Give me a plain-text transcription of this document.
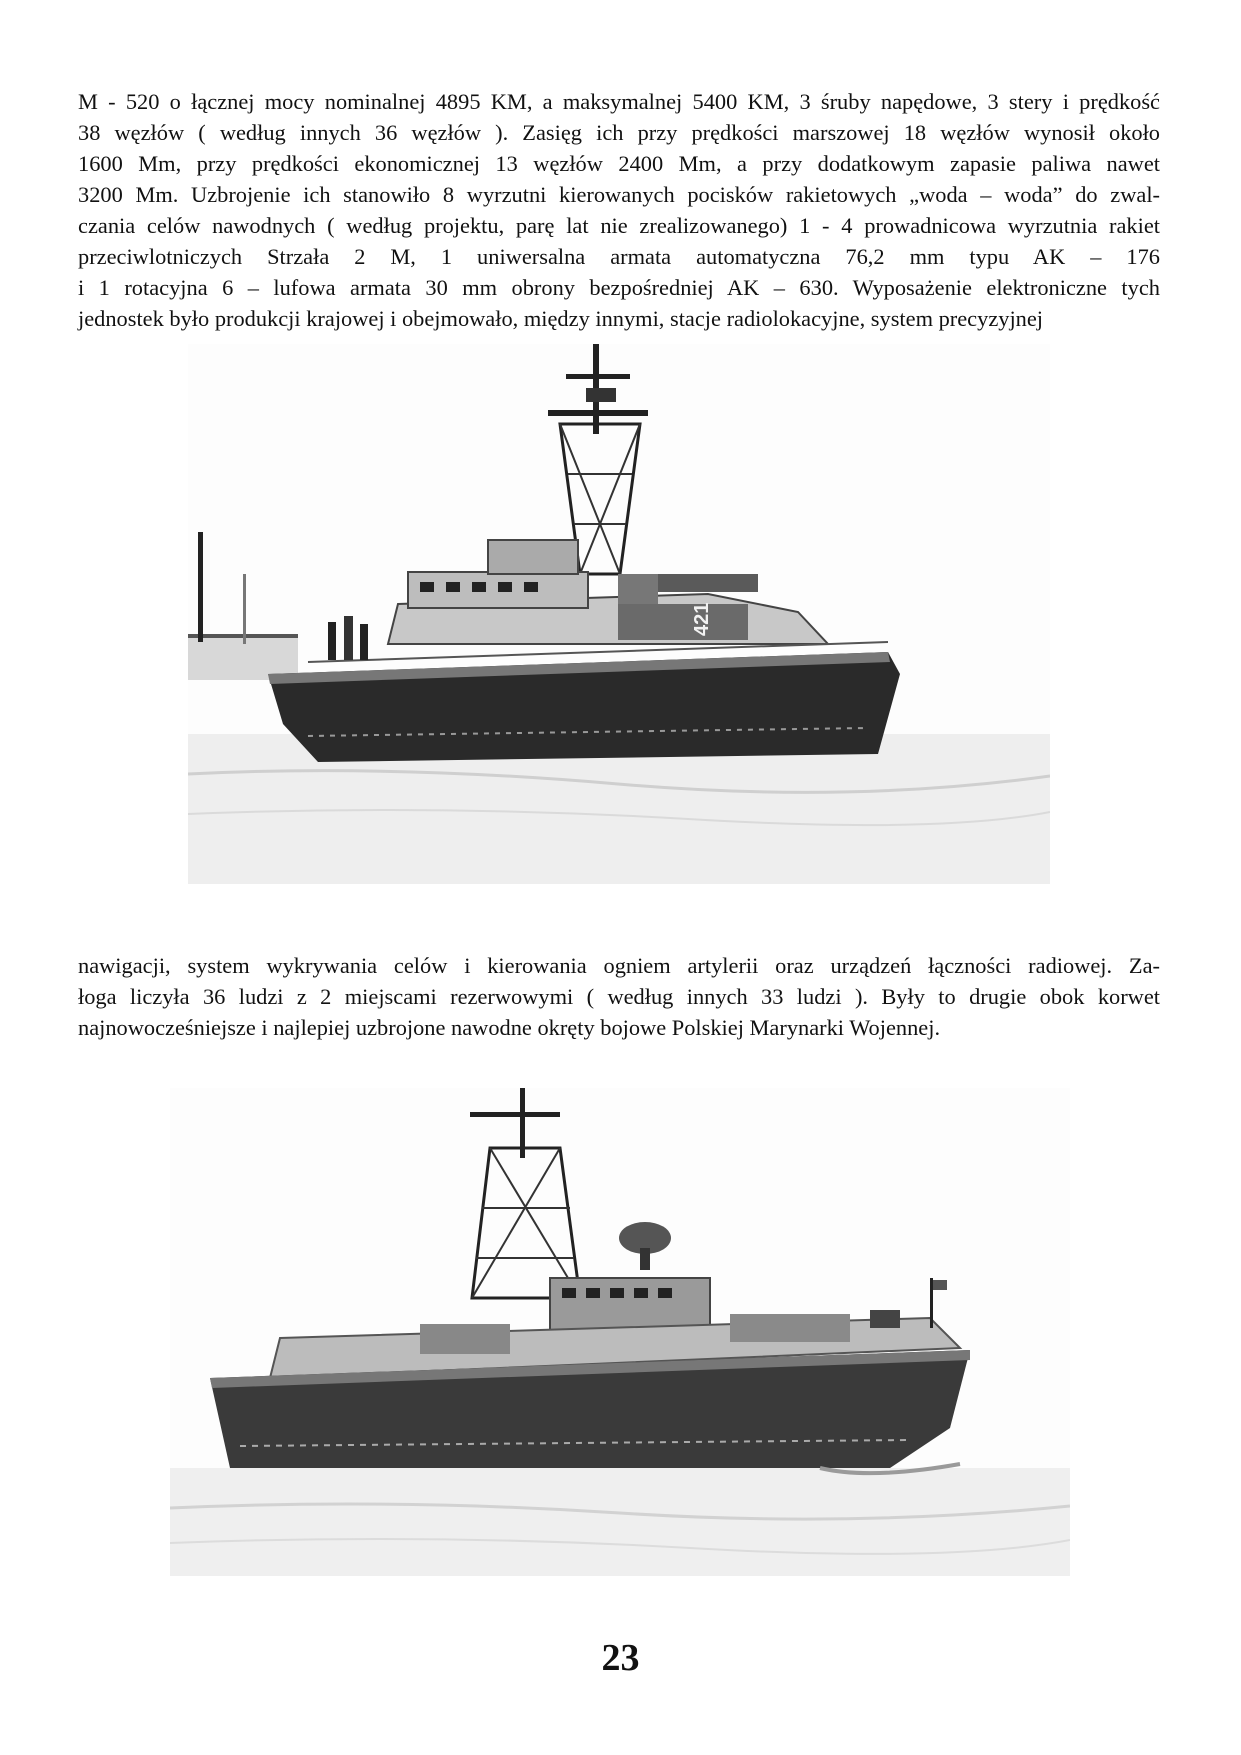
M - 520 o łącznej mocy nominalnej 4895 KM, a maksymalnej 5400 KM, 3 śruby napędowe, 3 stery i prędkość
38 węzłów ( według innych 36 węzłów ). Zasięg ich przy prędkości marszowej 18 węzłów wynosił około
1600 Mm, przy prędkości ekonomicznej 13 węzłów 2400 Mm, a przy dodatkowym zapasie paliwa nawet
3200 Mm. Uzbrojenie ich stanowiło 8 wyrzutni kierowanych pocisków rakietowych „woda – woda” do zwal-
czania celów nawodnych ( według projektu, parę lat nie zrealizowanego) 1 - 4 prowadnicowa wyrzutnia rakiet
przeciwlotniczych Strzała 2 M, 1 uniwersalna armata automatyczna 76,2 mm typu AK – 176
i 1 rotacyjna 6 – lufowa armata 30 mm obrony bezpośredniej AK – 630. Wyposażenie elektroniczne tych
jednostek było produkcji krajowej i obejmowało, między innymi, stacje radiolokacyjne, system precyzyjnej
421
nawigacji, system wykrywania celów i kierowania ogniem artylerii oraz urządzeń łączności radiowej. Za-
łoga liczyła 36 ludzi z 2 miejscami rezerwowymi ( według innych 33 ludzi ). Były to drugie obok korwet
najnowocześniejsze i najlepiej uzbrojone nawodne okręty bojowe Polskiej Marynarki Wojennej.
23
